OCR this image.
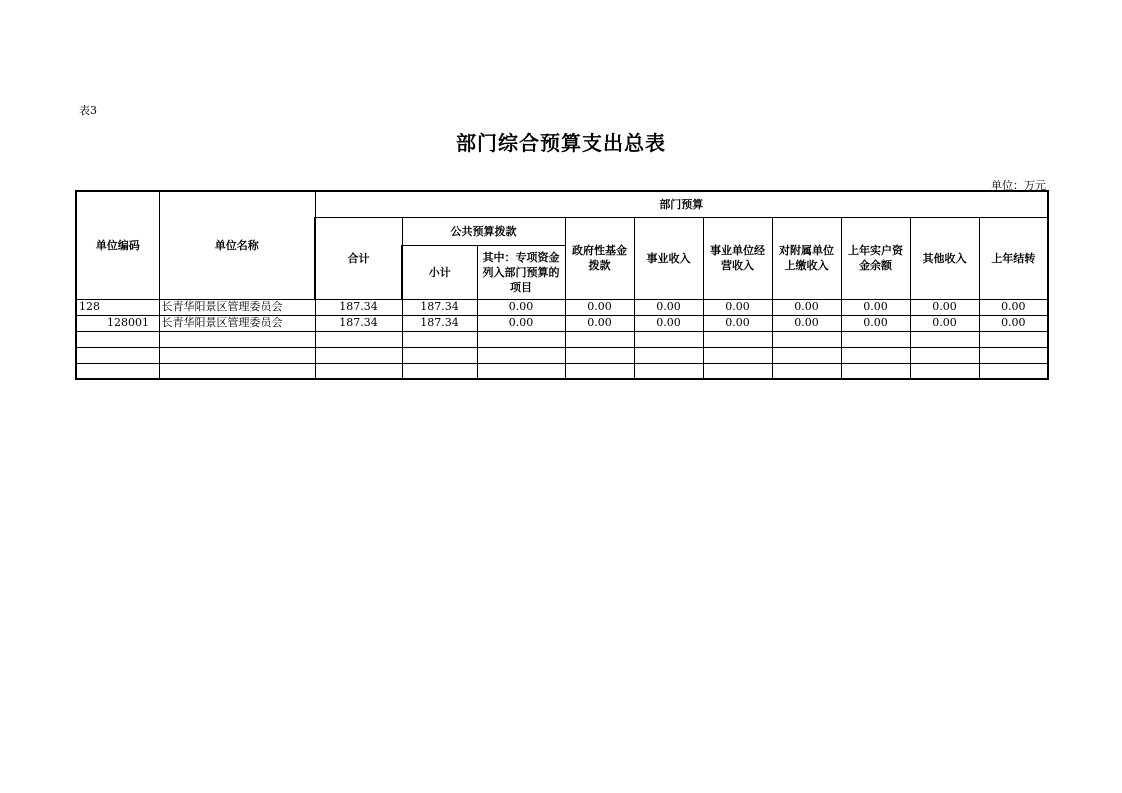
表3
部门综合预算支出总表
单位：万元
单位编码	单位名称	部门预算									
		合计	公共预算拨款		政府性基金拨款	事业收入	事业单位经营收入	对附属单位上缴收入	上年实户资金余额	其他收入	上年结转
			小计	其中：专项资金列入部门预算的项目							
128	长青华阳景区管理委员会	187.34	187.34	0.00	0.00	0.00	0.00	0.00	0.00	0.00	0.00
128001	长青华阳景区管理委员会	187.34	187.34	0.00	0.00	0.00	0.00	0.00	0.00	0.00	0.00
